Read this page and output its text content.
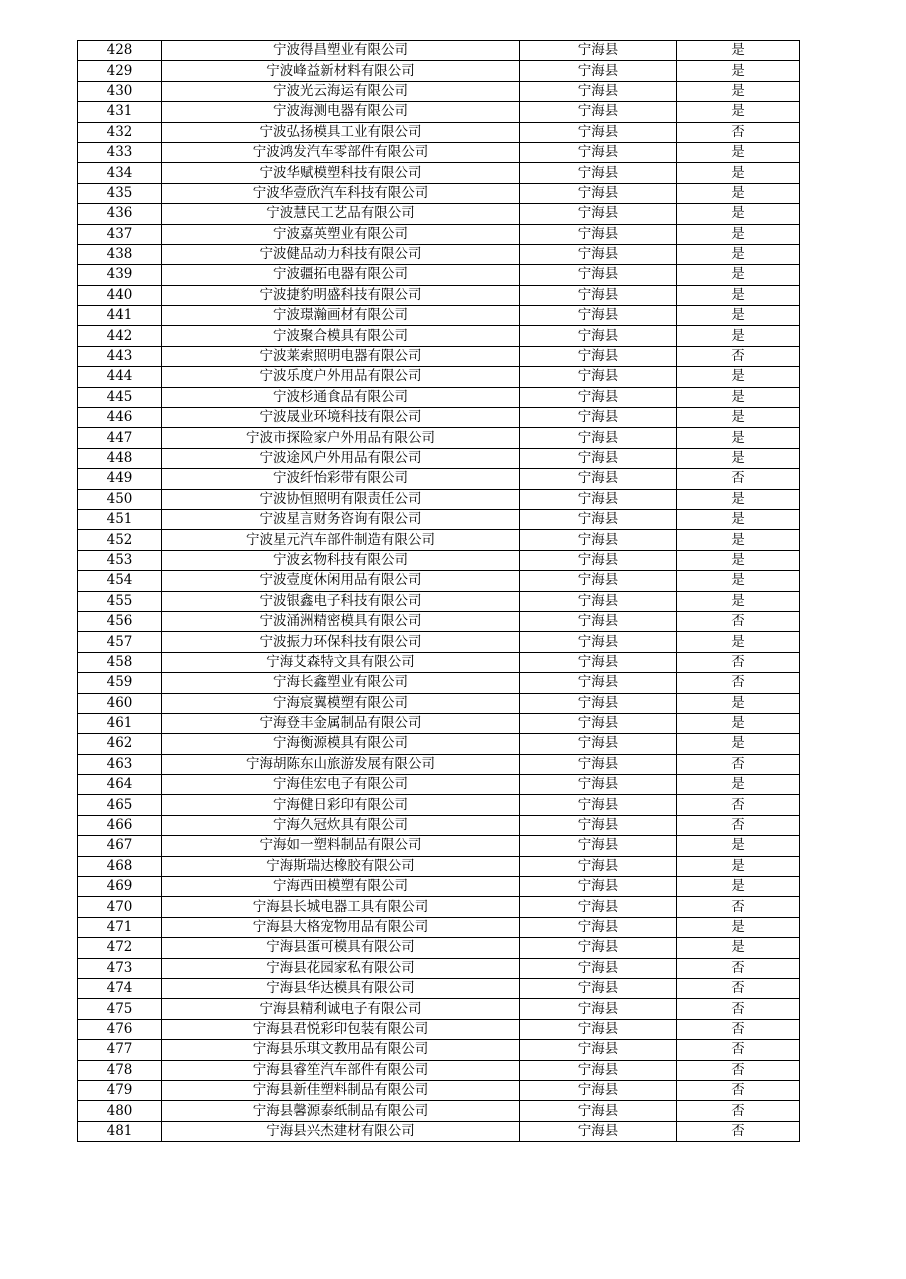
428	宁波得昌塑业有限公司	宁海县	是
429	宁波峰益新材料有限公司	宁海县	是
430	宁波光云海运有限公司	宁海县	是
431	宁波海测电器有限公司	宁海县	是
432	宁波弘扬模具工业有限公司	宁海县	否
433	宁波鸿发汽车零部件有限公司	宁海县	是
434	宁波华赋模塑科技有限公司	宁海县	是
435	宁波华壹欣汽车科技有限公司	宁海县	是
436	宁波慧民工艺品有限公司	宁海县	是
437	宁波嘉英塑业有限公司	宁海县	是
438	宁波健品动力科技有限公司	宁海县	是
439	宁波疆拓电器有限公司	宁海县	是
440	宁波捷豹明盛科技有限公司	宁海县	是
441	宁波璟瀚画材有限公司	宁海县	是
442	宁波聚合模具有限公司	宁海县	是
443	宁波莱索照明电器有限公司	宁海县	否
444	宁波乐度户外用品有限公司	宁海县	是
445	宁波杉通食品有限公司	宁海县	是
446	宁波晟业环境科技有限公司	宁海县	是
447	宁波市探险家户外用品有限公司	宁海县	是
448	宁波途风户外用品有限公司	宁海县	是
449	宁波纤怡彩带有限公司	宁海县	否
450	宁波协恒照明有限责任公司	宁海县	是
451	宁波星言财务咨询有限公司	宁海县	是
452	宁波星元汽车部件制造有限公司	宁海县	是
453	宁波玄物科技有限公司	宁海县	是
454	宁波壹度休闲用品有限公司	宁海县	是
455	宁波银鑫电子科技有限公司	宁海县	是
456	宁波涌洲精密模具有限公司	宁海县	否
457	宁波振力环保科技有限公司	宁海县	是
458	宁海艾森特文具有限公司	宁海县	否
459	宁海长鑫塑业有限公司	宁海县	否
460	宁海宸翼模塑有限公司	宁海县	是
461	宁海登丰金属制品有限公司	宁海县	是
462	宁海衡源模具有限公司	宁海县	是
463	宁海胡陈东山旅游发展有限公司	宁海县	否
464	宁海佳宏电子有限公司	宁海县	是
465	宁海健日彩印有限公司	宁海县	否
466	宁海久冠炊具有限公司	宁海县	否
467	宁海如一塑料制品有限公司	宁海县	是
468	宁海斯瑞达橡胶有限公司	宁海县	是
469	宁海西田模塑有限公司	宁海县	是
470	宁海县长城电器工具有限公司	宁海县	否
471	宁海县大格宠物用品有限公司	宁海县	是
472	宁海县蛋可模具有限公司	宁海县	是
473	宁海县花园家私有限公司	宁海县	否
474	宁海县华达模具有限公司	宁海县	否
475	宁海县精利诚电子有限公司	宁海县	否
476	宁海县君悦彩印包装有限公司	宁海县	否
477	宁海县乐琪文教用品有限公司	宁海县	否
478	宁海县睿笙汽车部件有限公司	宁海县	否
479	宁海县新佳塑料制品有限公司	宁海县	否
480	宁海县馨源泰纸制品有限公司	宁海县	否
481	宁海县兴杰建材有限公司	宁海县	否
